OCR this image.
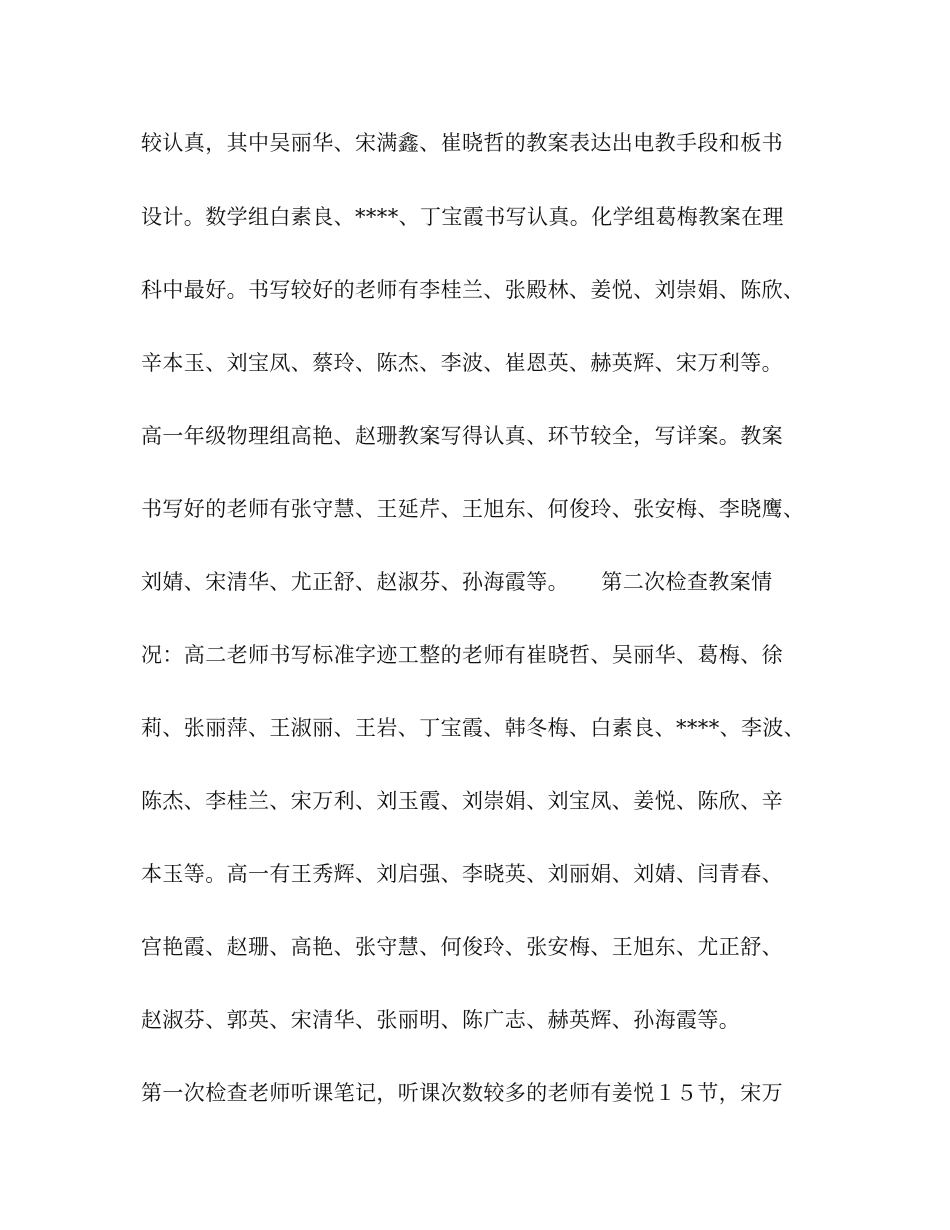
较认真，其中吴丽华、宋满鑫、崔晓哲的教案表达出电教手段和板书
设计。数学组白素良、****、丁宝霞书写认真。化学组葛梅教案在理
科中最好。书写较好的老师有李桂兰、张殿林、姜悦、刘崇娟、陈欣、
辛本玉、刘宝凤、蔡玲、陈杰、李波、崔恩英、赫英辉、宋万利等。
高一年级物理组高艳、赵珊教案写得认真、环节较全，写详案。教案
书写好的老师有张守慧、王延芹、王旭东、何俊玲、张安梅、李晓鹰、
刘婧、宋清华、尤正舒、赵淑芬、孙海霞等。　　第二次检查教案情
况：高二老师书写标准字迹工整的老师有崔晓哲、吴丽华、葛梅、徐
莉、张丽萍、王淑丽、王岩、丁宝霞、韩冬梅、白素良、****、李波、
陈杰、李桂兰、宋万利、刘玉霞、刘崇娟、刘宝凤、姜悦、陈欣、辛
本玉等。高一有王秀辉、刘启强、李晓英、刘丽娟、刘婧、闫青春、
宫艳霞、赵珊、高艳、张守慧、何俊玲、张安梅、王旭东、尤正舒、
赵淑芬、郭英、宋清华、张丽明、陈广志、赫英辉、孙海霞等。
第一次检查老师听课笔记，听课次数较多的老师有姜悦１５节，宋万
